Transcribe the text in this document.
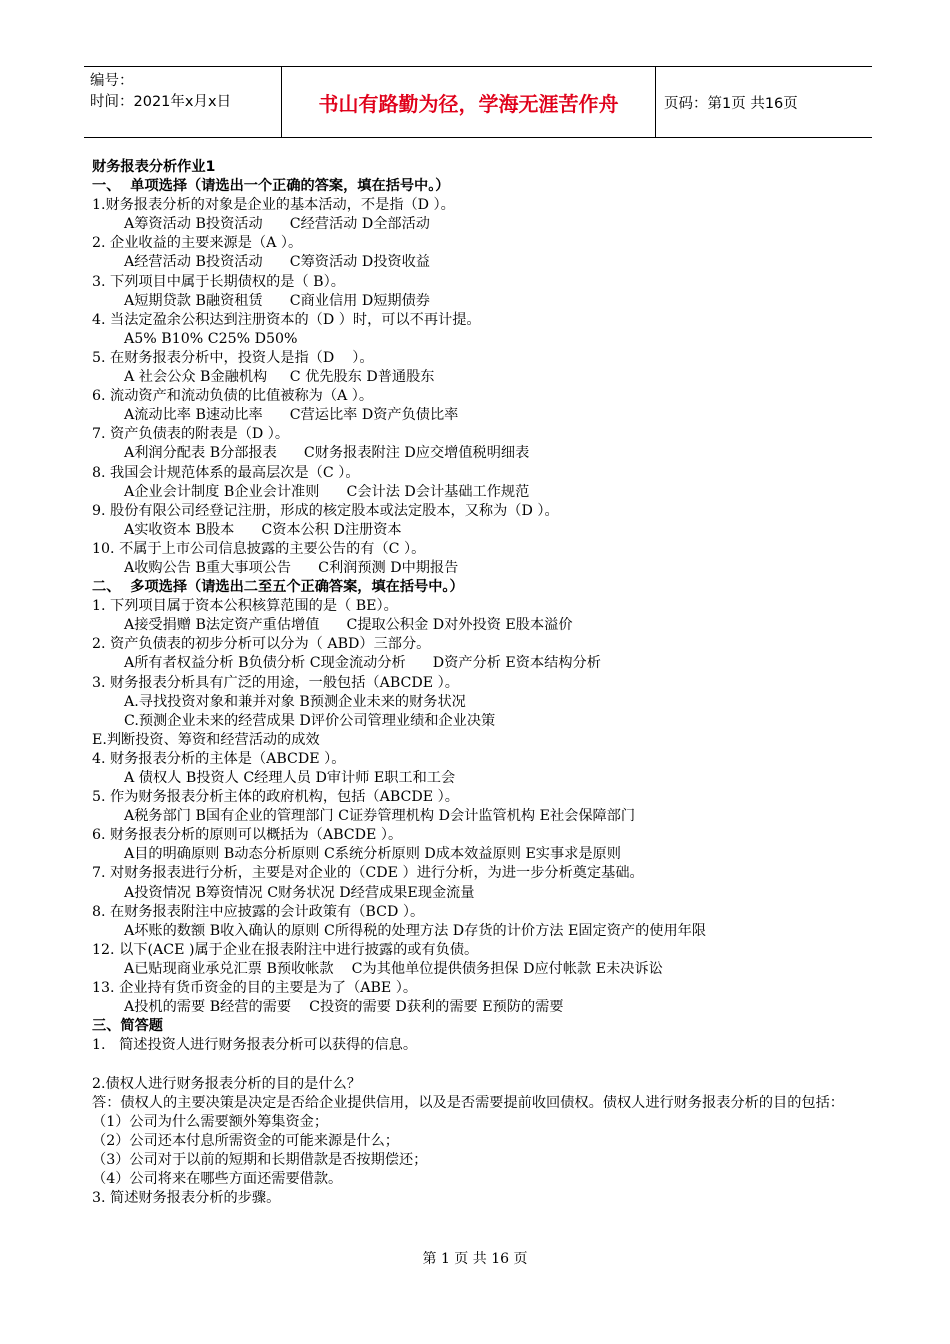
编号：
时间：2021年x月x日	书山有路勤为径，学海无涯苦作舟	页码：第1页 共16页
财务报表分析作业1
一、  单项选择（请选出一个正确的答案，填在括号中。）
1.财务报表分析的对象是企业的基本活动，不是指（D ）。
A筹资活动 B投资活动      C经营活动 D全部活动
2. 企业收益的主要来源是（A ）。
A经营活动 B投资活动      C筹资活动 D投资收益
3. 下列项目中属于长期债权的是（ B）。
A短期贷款 B融资租赁      C商业信用 D短期债券
4. 当法定盈余公积达到注册资本的（D ）时，可以不再计提。
A5% B10% C25% D50%
5. 在财务报表分析中，投资人是指（D    ）。
A 社会公众 B金融机构     C 优先股东 D普通股东
6. 流动资产和流动负债的比值被称为（A ）。
A流动比率 B速动比率      C营运比率 D资产负债比率
7. 资产负债表的附表是（D ）。
A利润分配表 B分部报表      C财务报表附注 D应交增值税明细表
8. 我国会计规范体系的最高层次是（C ）。
A企业会计制度 B企业会计准则      C会计法 D会计基础工作规范
9. 股份有限公司经登记注册，形成的核定股本或法定股本，又称为（D ）。
A实收资本 B股本      C资本公积 D注册资本
10. 不属于上市公司信息披露的主要公告的有（C ）。
A收购公告 B重大事项公告      C利润预测 D中期报告
二、  多项选择（请选出二至五个正确答案，填在括号中。）
1. 下列项目属于资本公积核算范围的是（ BE）。
A接受捐赠 B法定资产重估增值      C提取公积金 D对外投资 E股本溢价
2. 资产负债表的初步分析可以分为（ ABD）三部分。
A所有者权益分析 B负债分析 C现金流动分析      D资产分析 E资本结构分析
3. 财务报表分析具有广泛的用途，一般包括（ABCDE ）。
A.寻找投资对象和兼并对象 B预测企业未来的财务状况
C.预测企业未来的经营成果 D评价公司管理业绩和企业决策
E.判断投资、筹资和经营活动的成效
4. 财务报表分析的主体是（ABCDE ）。
A 债权人 B投资人 C经理人员 D审计师 E职工和工会
5. 作为财务报表分析主体的政府机构，包括（ABCDE ）。
A税务部门 B国有企业的管理部门 C证券管理机构 D会计监管机构 E社会保障部门
6. 财务报表分析的原则可以概括为（ABCDE ）。
A目的明确原则 B动态分析原则 C系统分析原则 D成本效益原则 E实事求是原则
7. 对财务报表进行分析，主要是对企业的（CDE ）进行分析，为进一步分析奠定基础。
A投资情况 B筹资情况 C财务状况 D经营成果E现金流量
8. 在财务报表附注中应披露的会计政策有（BCD ）。
A坏账的数额 B收入确认的原则 C所得税的处理方法 D存货的计价方法 E固定资产的使用年限
12. 以下(ACE )属于企业在报表附注中进行披露的或有负债。
A已贴现商业承兑汇票 B预收帐款    C为其他单位提供债务担保 D应付帐款 E未决诉讼
13. 企业持有货币资金的目的主要是为了（ABE ）。
A投机的需要 B经营的需要    C投资的需要 D获利的需要 E预防的需要
三、简答题
1.   简述投资人进行财务报表分析可以获得的信息。
2.债权人进行财务报表分析的目的是什么？
答：债权人的主要决策是决定是否给企业提供信用，以及是否需要提前收回债权。债权人进行财务报表分析的目的包括：
（1）公司为什么需要额外筹集资金；
（2）公司还本付息所需资金的可能来源是什么；
（3）公司对于以前的短期和长期借款是否按期偿还；
（4）公司将来在哪些方面还需要借款。
3. 简述财务报表分析的步骤。
第 1 页 共 16 页
